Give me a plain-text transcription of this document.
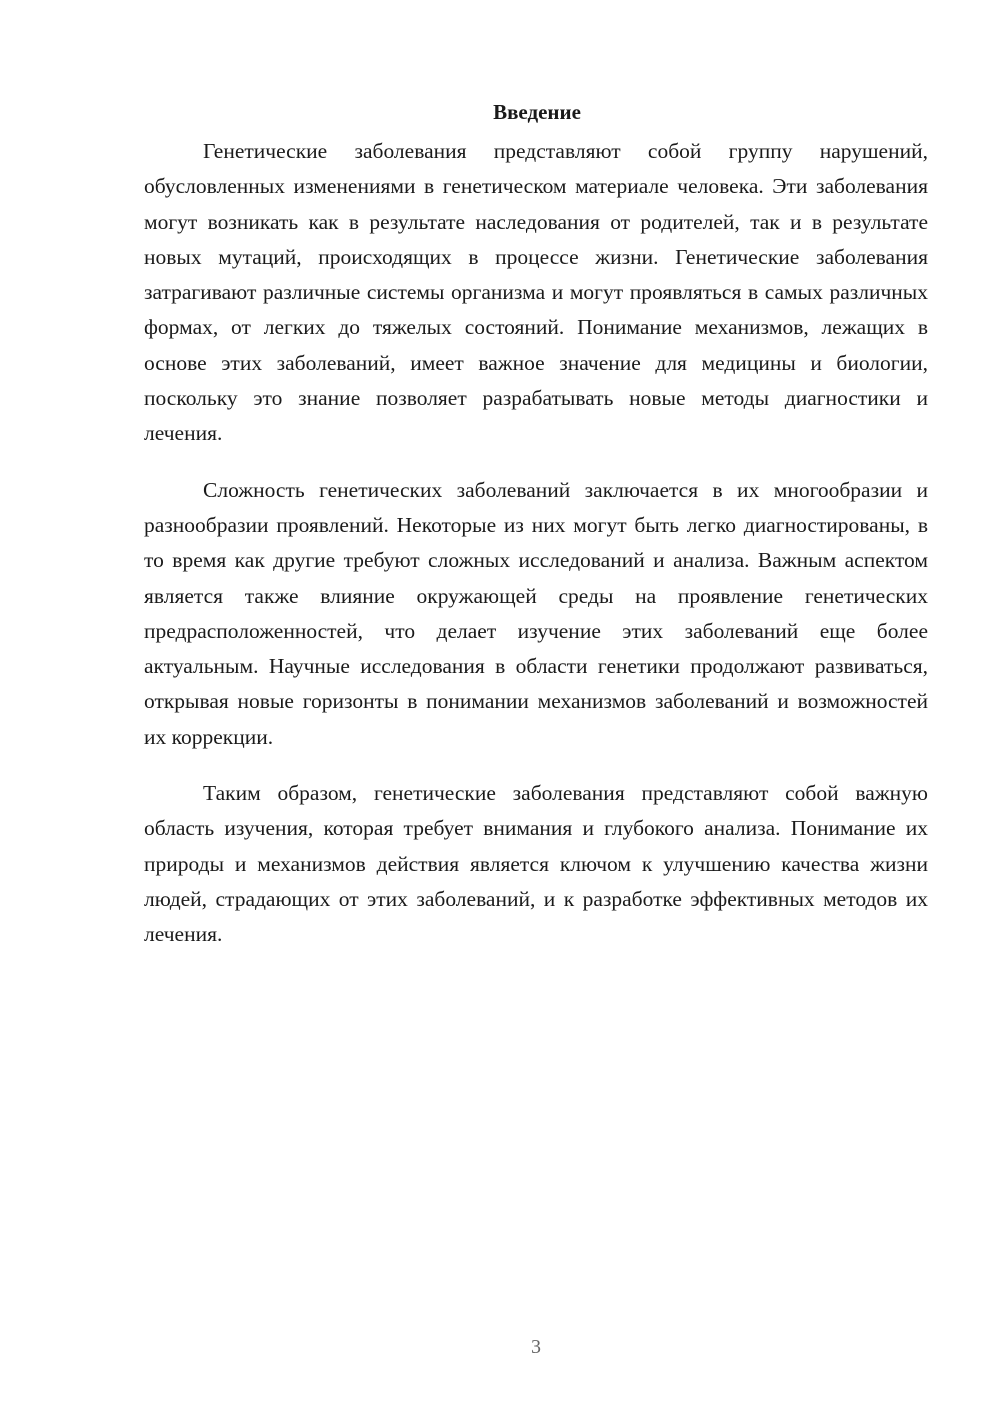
Введение

Генетические заболевания представляют собой группу нарушений, обусловленных изменениями в генетическом материале человека. Эти заболевания могут возникать как в результате наследования от родителей, так и в результате новых мутаций, происходящих в процессе жизни. Генетические заболевания затрагивают различные системы организма и могут проявляться в самых различных формах, от легких до тяжелых состояний. Понимание механизмов, лежащих в основе этих заболеваний, имеет важное значение для медицины и биологии, поскольку это знание позволяет разрабатывать новые методы диагностики и лечения.

Сложность генетических заболеваний заключается в их многообразии и разнообразии проявлений. Некоторые из них могут быть легко диагностированы, в то время как другие требуют сложных исследований и анализа. Важным аспектом является также влияние окружающей среды на проявление генетических предрасположенностей, что делает изучение этих заболеваний еще более актуальным. Научные исследования в области генетики продолжают развиваться, открывая новые горизонты в понимании механизмов заболеваний и возможностей их коррекции.

Таким образом, генетические заболевания представляют собой важную область изучения, которая требует внимания и глубокого анализа. Понимание их природы и механизмов действия является ключом к улучшению качества жизни людей, страдающих от этих заболеваний, и к разработке эффективных методов их лечения.

3
